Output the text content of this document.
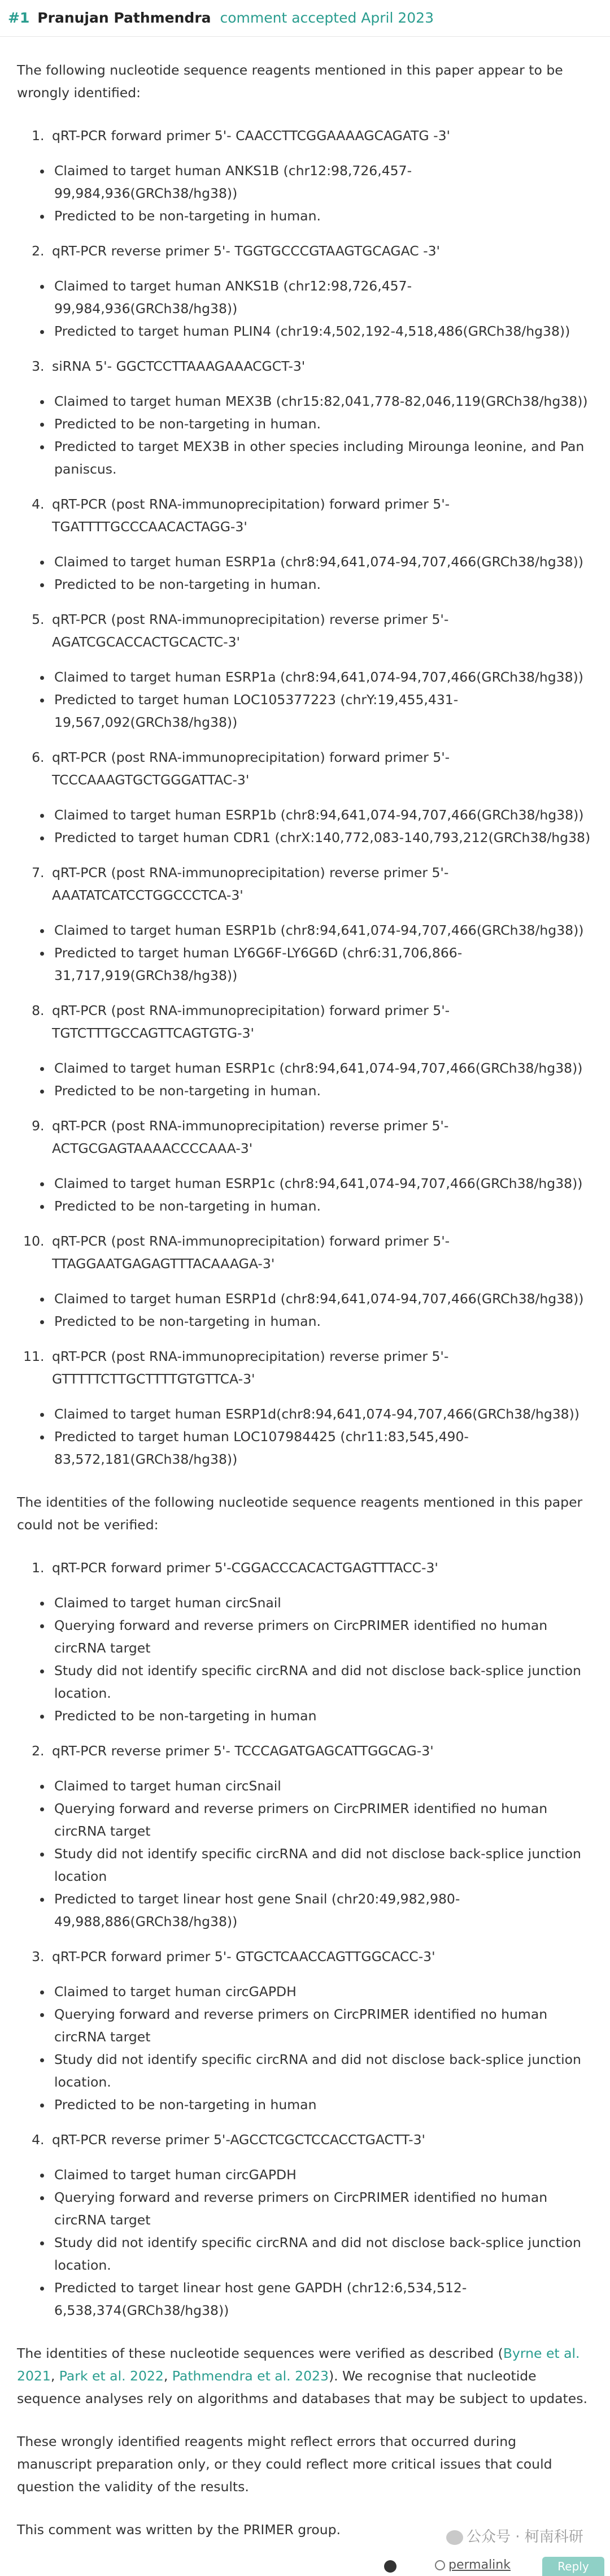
#1 Pranujan Pathmendra comment accepted April 2023

The following nucleotide sequence reagents mentioned in this paper appear to be wrongly identified:

1. qRT-PCR forward primer 5'- CAACCTTCGGAAAAGCAGATG -3'
• Claimed to target human ANKS1B (chr12:98,726,457-99,984,936(GRCh38/hg38))
• Predicted to be non-targeting in human.
2. qRT-PCR reverse primer 5'- TGGTGCCCGTAAGTGCAGAC -3'
• Claimed to target human ANKS1B (chr12:98,726,457-99,984,936(GRCh38/hg38))
• Predicted to target human PLIN4 (chr19:4,502,192-4,518,486(GRCh38/hg38))
3. siRNA 5'- GGCTCCTTAAAGAAACGCT-3'
• Claimed to target human MEX3B (chr15:82,041,778-82,046,119(GRCh38/hg38))
• Predicted to be non-targeting in human.
• Predicted to target MEX3B in other species including Mirounga leonine, and Pan paniscus.
4. qRT-PCR (post RNA-immunoprecipitation) forward primer 5'- TGATTTTGCCCAACACTAGG-3'
• Claimed to target human ESRP1a (chr8:94,641,074-94,707,466(GRCh38/hg38))
• Predicted to be non-targeting in human.
5. qRT-PCR (post RNA-immunoprecipitation) reverse primer 5'- AGATCGCACCACTGCACTC-3'
• Claimed to target human ESRP1a (chr8:94,641,074-94,707,466(GRCh38/hg38))
• Predicted to target human LOC105377223 (chrY:19,455,431-19,567,092(GRCh38/hg38))
6. qRT-PCR (post RNA-immunoprecipitation) forward primer 5'- TCCCAAAGTGCTGGGATTAC-3'
• Claimed to target human ESRP1b (chr8:94,641,074-94,707,466(GRCh38/hg38))
• Predicted to target human CDR1 (chrX:140,772,083-140,793,212(GRCh38/hg38)
7. qRT-PCR (post RNA-immunoprecipitation) reverse primer 5'- AAATATCATCCTGGCCCTCA-3'
• Claimed to target human ESRP1b (chr8:94,641,074-94,707,466(GRCh38/hg38))
• Predicted to target human LY6G6F-LY6G6D (chr6:31,706,866-31,717,919(GRCh38/hg38))
8. qRT-PCR (post RNA-immunoprecipitation) forward primer 5'- TGTCTTTGCCAGTTCAGTGTG-3'
• Claimed to target human ESRP1c (chr8:94,641,074-94,707,466(GRCh38/hg38))
• Predicted to be non-targeting in human.
9. qRT-PCR (post RNA-immunoprecipitation) reverse primer 5'- ACTGCGAGTAAAACCCCAAA-3'
• Claimed to target human ESRP1c (chr8:94,641,074-94,707,466(GRCh38/hg38))
• Predicted to be non-targeting in human.
10. qRT-PCR (post RNA-immunoprecipitation) forward primer 5'- TTAGGAATGAGAGTTTACAAAGA-3'
• Claimed to target human ESRP1d (chr8:94,641,074-94,707,466(GRCh38/hg38))
• Predicted to be non-targeting in human.
11. qRT-PCR (post RNA-immunoprecipitation) reverse primer 5'- GTTTTTCTTGCTTTTGTGTTCA-3'
• Claimed to target human ESRP1d(chr8:94,641,074-94,707,466(GRCh38/hg38))
• Predicted to target human LOC107984425 (chr11:83,545,490-83,572,181(GRCh38/hg38))

The identities of the following nucleotide sequence reagents mentioned in this paper could not be verified:

1. qRT-PCR forward primer 5'-CGGACCCACACTGAGTTTACC-3'
• Claimed to target human circSnail
• Querying forward and reverse primers on CircPRIMER identified no human circRNA target
• Study did not identify specific circRNA and did not disclose back-splice junction location.
• Predicted to be non-targeting in human
2. qRT-PCR reverse primer 5'- TCCCAGATGAGCATTGGCAG-3'
• Claimed to target human circSnail
• Querying forward and reverse primers on CircPRIMER identified no human circRNA target
• Study did not identify specific circRNA and did not disclose back-splice junction location
• Predicted to target linear host gene Snail (chr20:49,982,980-49,988,886(GRCh38/hg38))
3. qRT-PCR forward primer 5'- GTGCTCAACCAGTTGGCACC-3'
• Claimed to target human circGAPDH
• Querying forward and reverse primers on CircPRIMER identified no human circRNA target
• Study did not identify specific circRNA and did not disclose back-splice junction location.
• Predicted to be non-targeting in human
4. qRT-PCR reverse primer 5'-AGCCTCGCTCCACCTGACTT-3'
• Claimed to target human circGAPDH
• Querying forward and reverse primers on CircPRIMER identified no human circRNA target
• Study did not identify specific circRNA and did not disclose back-splice junction location.
• Predicted to target linear host gene GAPDH (chr12:6,534,512-6,538,374(GRCh38/hg38))

The identities of these nucleotide sequences were verified as described (Byrne et al. 2021, Park et al. 2022, Pathmendra et al. 2023). We recognise that nucleotide sequence analyses rely on algorithms and databases that may be subject to updates.

These wrongly identified reagents might reflect errors that occurred during manuscript preparation only, or they could reflect more critical issues that could question the validity of the results.

This comment was written by the PRIMER group.	公众号 · 柯南科研
permalink	Reply
